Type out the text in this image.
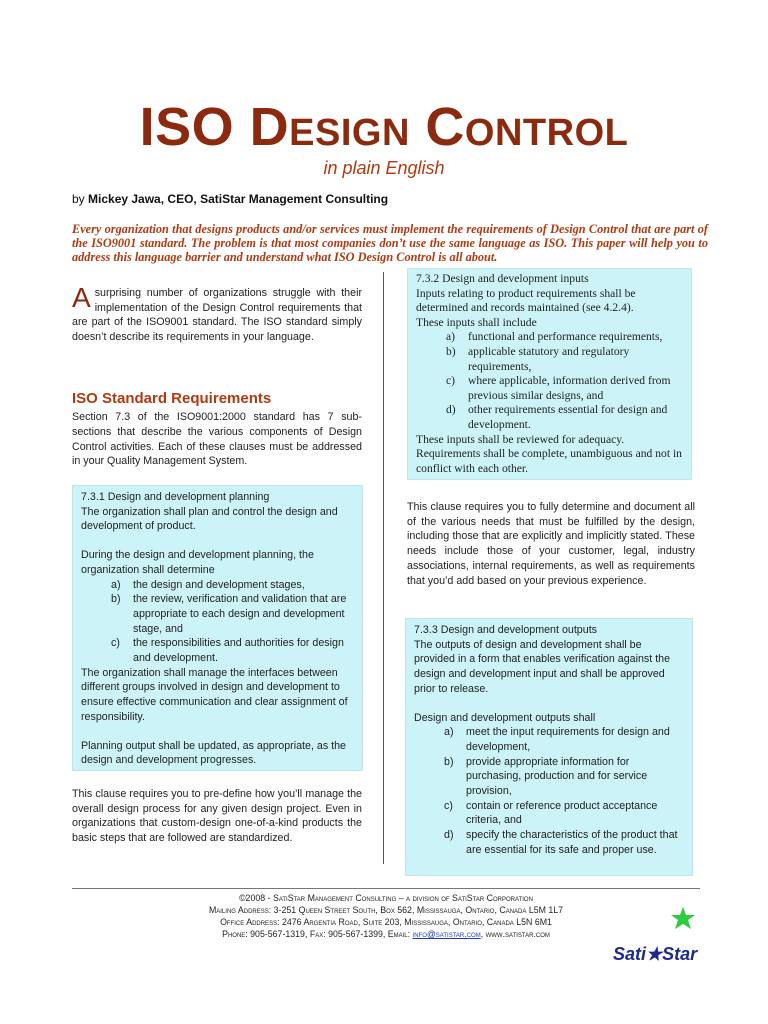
ISO Design Control
in plain English
by Mickey Jawa, CEO, SatiStar Management Consulting
Every organization that designs products and/or services must implement the requirements of Design Control that are part of the ISO9001 standard. The problem is that most companies don’t use the same language as ISO. This paper will help you to address this language barrier and understand what ISO Design Control is all about.
Asurprising number of organizations struggle with their implementation of the Design Control requirements that are part of the ISO9001 standard. The ISO standard simply doesn’t describe its requirements in your language.
ISO Standard Requirements
Section 7.3 of the ISO9001:2000 standard has 7 sub-sections that describe the various components of Design Control activities. Each of these clauses must be addressed in your Quality Management System.
7.3.1 Design and development planning
The organization shall plan and control the design and development of product.
During the design and development planning, the organization shall determine
a) the design and development stages,
b) the review, verification and validation that are appropriate to each design and development stage, and
c) the responsibilities and authorities for design and development.
The organization shall manage the interfaces between different groups involved in design and development to ensure effective communication and clear assignment of responsibility.
Planning output shall be updated, as appropriate, as the design and development progresses.
This clause requires you to pre-define how you’ll manage the overall design process for any given design project. Even in organizations that custom-design one-of-a-kind products the basic steps that are followed are standardized.
7.3.2 Design and development inputs
Inputs relating to product requirements shall be determined and records maintained (see 4.2.4).
These inputs shall include
a) functional and performance requirements,
b) applicable statutory and regulatory requirements,
c) where applicable, information derived from previous similar designs, and
d) other requirements essential for design and development.
These inputs shall be reviewed for adequacy. Requirements shall be complete, unambiguous and not in conflict with each other.
This clause requires you to fully determine and document all of the various needs that must be fulfilled by the design, including those that are explicitly and implicitly stated. These needs include those of your customer, legal, industry associations, internal requirements, as well as requirements that you’d add based on your previous experience.
7.3.3 Design and development outputs
The outputs of design and development shall be provided in a form that enables verification against the design and development input and shall be approved prior to release.
Design and development outputs shall
a) meet the input requirements for design and development,
b) provide appropriate information for purchasing, production and for service provision,
c) contain or reference product acceptance criteria, and
d) specify the characteristics of the product that are essential for its safe and proper use.
©2008 - SatiStar Management Consulting – a division of SatiStar Corporation
Mailing Address: 3-251 Queen Street South, Box 562, Mississauga, Ontario, Canada L5M 1L7
Office Address: 2476 Argentia Road, Suite 203, Mississauga, Ontario, Canada L5N 6M1
Phone: 905-567-1319, Fax: 905-567-1399, Email: info@satistar.com, www.satistar.com
Sati★Star
